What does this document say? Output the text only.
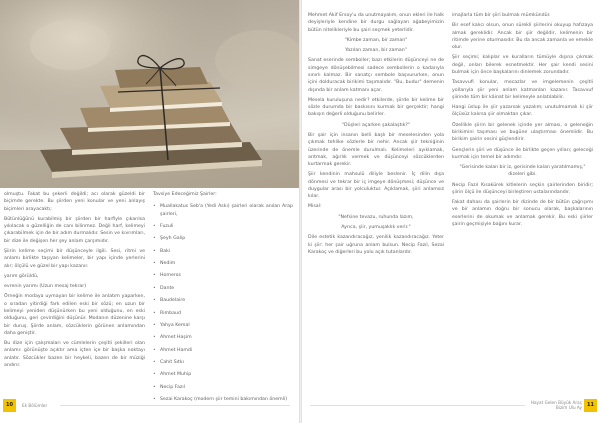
olmuştu. Fakat bu şekerli değildi; acı olarak güzeldi bir biçimde gerekte. Bu şiirden yeni konular ve yeni anlayış biçimleri arayacaktı;

Bütünlüğünü kurabilmiş bir şiirden bir harfiyle çıkarılsa yıkılacak o güzelliğin de canı bilinmez. Değil harf, kelimeyi çıkarabilmek için de bir adım durmalıdır. Sesin ve kıvrımları, bir dize ile değişen her şey anlam çarşımıdır.

Şiirin kelime seçimi bir düşünceyle ilgili. Sesi, ritmi ve anlamı birlikte taşıyan kelimeler, bir yapı içinde yerlerini alır; ölçülü ve güzel bir yapı kazanır.

yarım görüldü,

evrenin yarımı (Uzun mesaj tekrar)

Örneğin modaya uymayan bir kelime ile anlatım yaparken, o sıradan yitirdiği fark edilen eski bir sözü; en uzun bir kelimeyi yeniden düşünürken bu yeni olduğunu, en eski olduğunu, geri çevirdiğini düşünür. Modanın düzenine karşı bir duruş. Şiirde anlam, sözcüklerin görünen anlamından daha geniştir.

Bu dize için çalışmaları ve cümlelerin çeşitli şekilleri olan anlamı: görünüşte açıktır ama içten içe bir başka noktayı anlatır. Sözcükler bazen bir heykeli, bazen de bir müziği andırır.

Tavsiye Edeceğimiz Şairler:

• Muallakatus Seb'a (Yedi Askı) şairleri olarak anılan Arap şairleri,
• Fuzuli
• Şeyh Galip
• Baki
• Nedim
• Homeros
• Dante
• Baudelaire
• Rimbaud
• Yahya Kemal
• Ahmet Haşim
• Ahmet Hamdi
• Cahit Sıtkı
• Ahmet Muhip
• Necip Fazıl
• Sezai Karakoç (modern şiir temini bakımından önemli)

Mehmet Akif Ersoy'u da unutmayalım, onun ekleri ile halk deyişleriyle kendine bir durgu sağlayan ağabeyimizin bütün nitelikleriyle bu şairi seçmek yeterlidir.

"Kimbe zaman, bir zaman"

Yazılan zaman, bir zaman"

Sanat eserinde semboller; bazı etkilerin düşünceyi ne de simgeye dönüşebilmesi sadece sembollerin o kadarıyla sınırlı kalmaz. Bir sanatçı sembole başvururken, onun içini dolduracak birikimi taşımalıdır. "Bu, budur" demenin dışında bir anlam katmanı açar.

Mesela kuruluşuna nedir? etkilerde, şiirde bir kelime bir sözle durumda bir baskısını kurmak bir gerçektir; hangi bakışın değerli olduğunu belirler.

"Düşleri açarken şakalaştık?"

Bir şair için insanın belli başlı bir meselesinden yola çıkmak tehlike sözlerle bir nehir. Ancak şiir tekniğinin üzerinde de önemle durulmalı. Kelimeleri ayıklamak, arıtmak, ağırlık vermek ve düşünceyi sözcüklerden kurtarmak gerekir.

Şiir kendinin mahsulü diliyle beslenir. İç dilin dışa dönmesi ve tekrar bir iç imgeye dönüşmesi; düşünce ve duygular arası bir yolculuktur. Açıklamak, şiiri anlamsız kılar.

Misal:

"Nefsine tevazu, ruhunda lazım,

Ayrıca, şiir, yumuşaklık verir."

Dile estetik kazandıracağız, yenilik kazandıracağız. Yeter ki şiir: her şair uğruna anlam bulsun. Necip Fazıl, Sezai Karakoç ve diğerleri bu yolu açık tutanlardır.

imajlarla tüm bir şiiri bulmak mümkündür.

Bir esef kalıcı olsun, onun sürekli şiirlerini okuyup hafızaya almak gereklidir. Ancak bir şiir değildir, kelimenin bir ritimde yerine oturmasıdır. Bu da ancak zamanla ve emekle olur.

Şiir seçimi; kalıplar ve kuralların tümüyle dışına çıkmak değil, onları bilerek esnetmektir. Her şair kendi sesini bulmak için önce başkalarını dinlemek zorundadır.

Tasavvufi konular, mecazlar ve imgelemenin çeşitli yollarıyla şiir yeni anlam katmanları kazanır. Tasavvuf şiirinde tüm bir kâinat bir kelimeyle anlatılabilir.

Hangi üslup ile şiir yazarsak yazalım; unutulmamalı ki şiir ölçüsüz kalırsa şiir olmaktan çıkar.

Özellikle şiirin bir gelenek içinde yer alması, o geleneğin birikimini taşıması ve bugüne ulaştırması önemlidir. Bu birikim şairin sesini güçlendirir.

Gençlerin şiiri ve düşünce ile birlikte geçen yılları; geleceği kurmak için temel bir adımdır.

"Gerisinde kalan bir iz, gerisinde kalan yaratılmamış," dizeleri gibi.

Necip Fazıl Kısakürek kitlelerin seçkin şairlerinden biridir; şiirin ölçü ile düşünceyi birleştiren ustalarındandır.

Fakat dahası da şairlerin bir dizinde de bir bütün çağrışımı ve bir anlamın doğru bir sonucu olarak, başkalarının eserlerini de okumak ve anlamak gerekir. Bu eski şiirler şairin geçmişiyle bağını kurar.

10	Ek Bölümler
Hayat Gelen Büyük Araç
Bizim Ulu Ay	11
